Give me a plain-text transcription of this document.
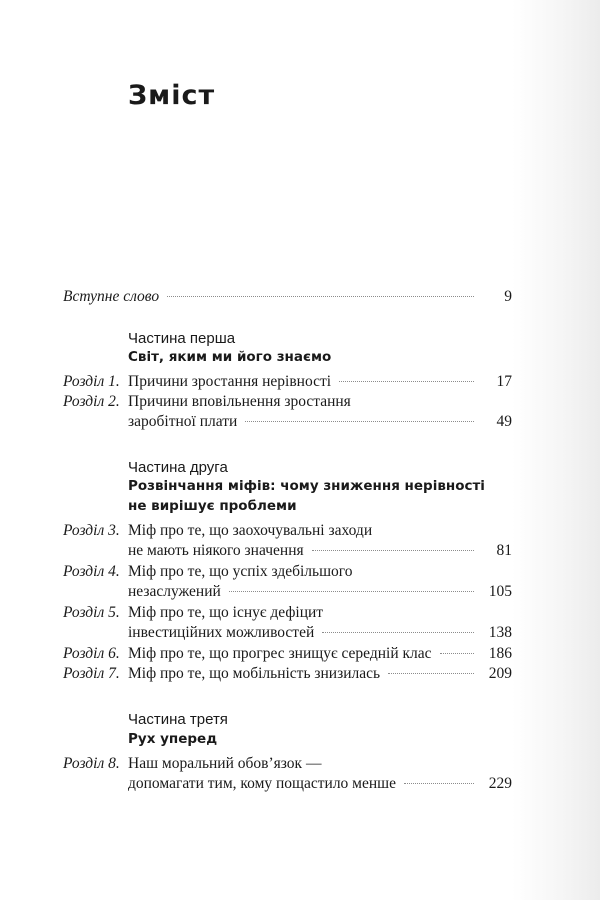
Зміст
Вступне слово	9
Частина перша
Світ, яким ми його знаємо
Розділ 1. Причини зростання нерівності	17
Розділ 2. Причини вповільнення зростання
заробітної плати	49
Частина друга
Розвінчання міфів: чому зниження нерівності
не вирішує проблеми
Розділ 3. Міф про те, що заохочувальні заходи
не мають ніякого значення	81
Розділ 4. Міф про те, що успіх здебільшого
незаслужений	105
Розділ 5. Міф про те, що існує дефіцит
інвестиційних можливостей	138
Розділ 6. Міф про те, що прогрес знищує середній клас	186
Розділ 7. Міф про те, що мобільність знизилась	209
Частина третя
Рух уперед
Розділ 8. Наш моральний обов’язок —
допомагати тим, кому пощастило менше	229
